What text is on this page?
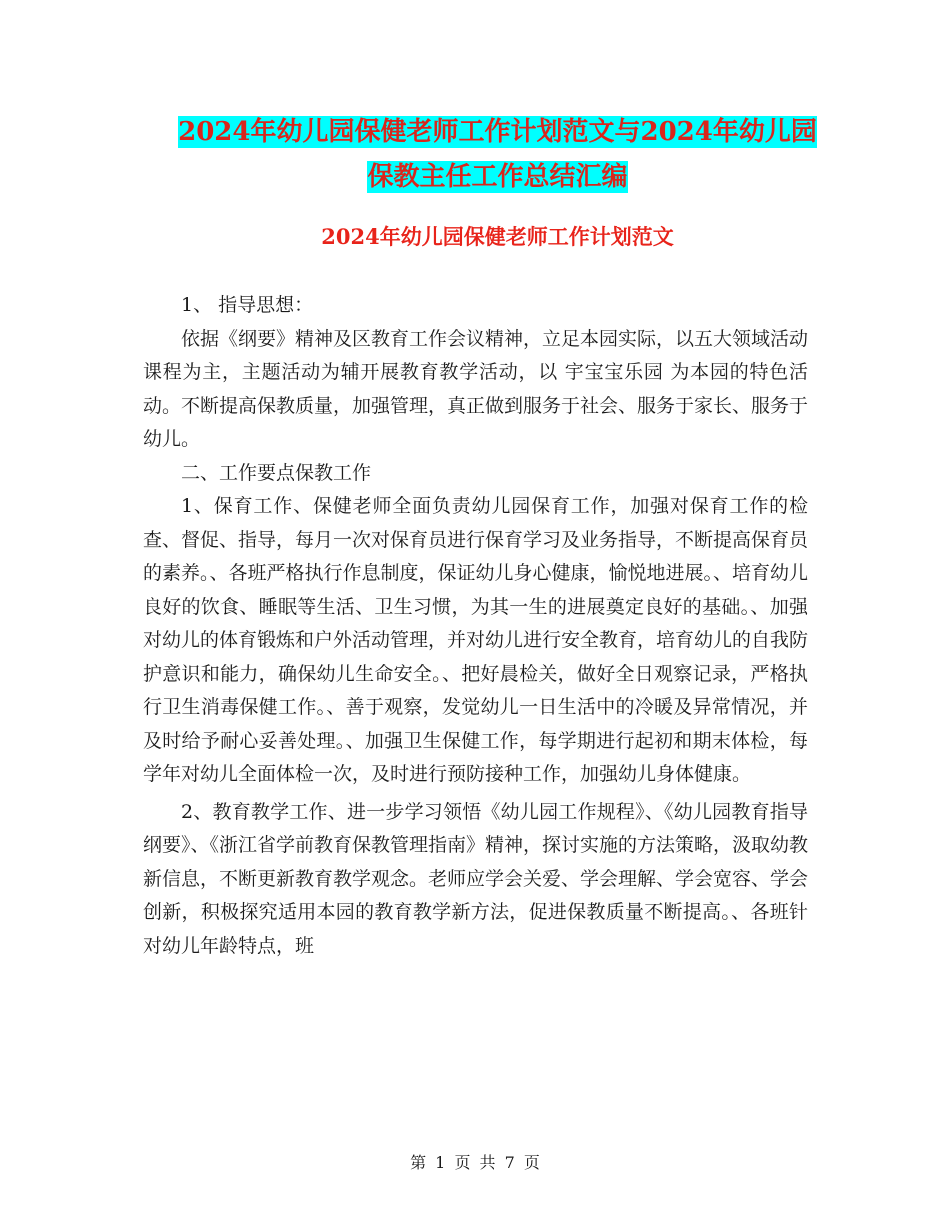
2024年幼儿园保健老师工作计划范文与2024年幼儿园
保教主任工作总结汇编
2024年幼儿园保健老师工作计划范文

1、 指导思想：

依据《纲要》精神及区教育工作会议精神，立足本园实际，以五大领域活动课程为主，主题活动为辅开展教育教学活动，以 宇宝宝乐园 为本园的特色活动。不断提高保教质量，加强管理，真正做到服务于社会、服务于家长、服务于幼儿。

二、工作要点保教工作

1、保育工作、保健老师全面负责幼儿园保育工作，加强对保育工作的检查、督促、指导，每月一次对保育员进行保育学习及业务指导，不断提高保育员的素养。、各班严格执行作息制度，保证幼儿身心健康，愉悦地进展。、培育幼儿良好的饮食、睡眠等生活、卫生习惯，为其一生的进展奠定良好的基础。、加强对幼儿的体育锻炼和户外活动管理，并对幼儿进行安全教育，培育幼儿的自我防护意识和能力，确保幼儿生命安全。、把好晨检关，做好全日观察记录，严格执行卫生消毒保健工作。、善于观察，发觉幼儿一日生活中的冷暖及异常情况，并及时给予耐心妥善处理。、加强卫生保健工作，每学期进行起初和期末体检，每学年对幼儿全面体检一次，及时进行预防接种工作，加强幼儿身体健康。

2、教育教学工作、进一步学习领悟《幼儿园工作规程》、《幼儿园教育指导纲要》、《浙江省学前教育保教管理指南》精神，探讨实施的方法策略，汲取幼教新信息，不断更新教育教学观念。老师应学会关爱、学会理解、学会宽容、学会创新，积极探究适用本园的教育教学新方法，促进保教质量不断提高。、各班针对幼儿年龄特点，班

第 1 页 共 7 页
